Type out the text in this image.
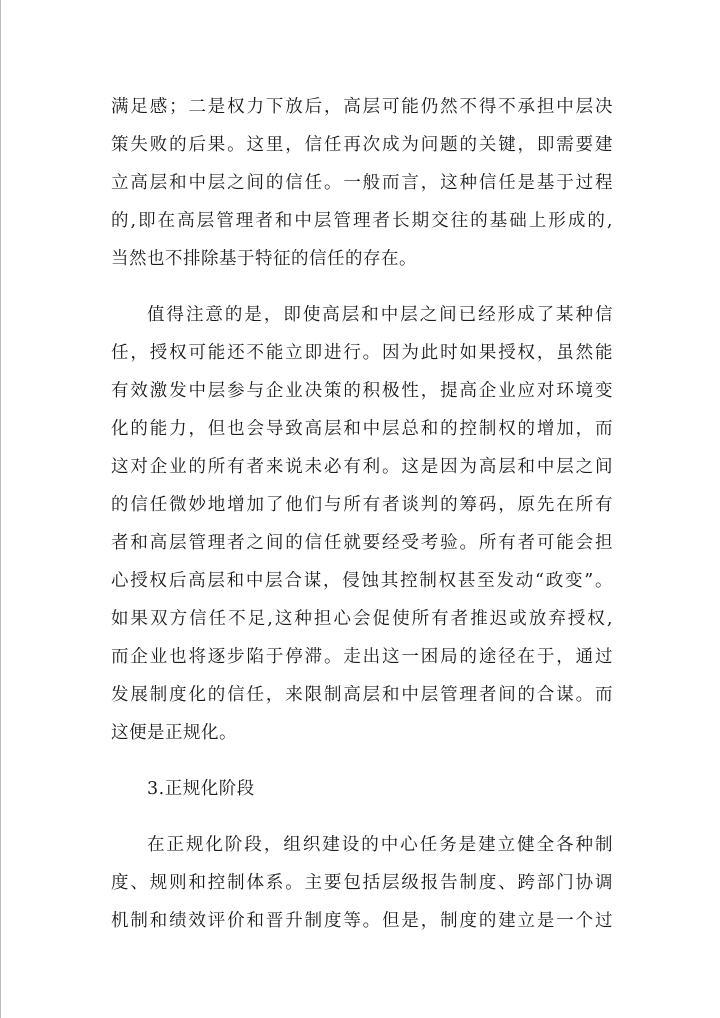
满足感；二是权力下放后，高层可能仍然不得不承担中层决
策失败的后果。这里，信任再次成为问题的关键，即需要建
立高层和中层之间的信任。一般而言，这种信任是基于过程
的,即在高层管理者和中层管理者长期交往的基础上形成的,
当然也不排除基于特征的信任的存在。
值得注意的是，即使高层和中层之间已经形成了某种信
任，授权可能还不能立即进行。因为此时如果授权，虽然能
有效激发中层参与企业决策的积极性，提高企业应对环境变
化的能力，但也会导致高层和中层总和的控制权的增加，而
这对企业的所有者来说未必有利。这是因为高层和中层之间
的信任微妙地增加了他们与所有者谈判的筹码，原先在所有
者和高层管理者之间的信任就要经受考验。所有者可能会担
心授权后高层和中层合谋，侵蚀其控制权甚至发动“政变”。
如果双方信任不足,这种担心会促使所有者推迟或放弃授权,
而企业也将逐步陷于停滞。走出这一困局的途径在于，通过
发展制度化的信任，来限制高层和中层管理者间的合谋。而
这便是正规化。
3.正规化阶段
在正规化阶段，组织建设的中心任务是建立健全各种制
度、规则和控制体系。主要包括层级报告制度、跨部门协调
机制和绩效评价和晋升制度等。但是，制度的建立是一个过
